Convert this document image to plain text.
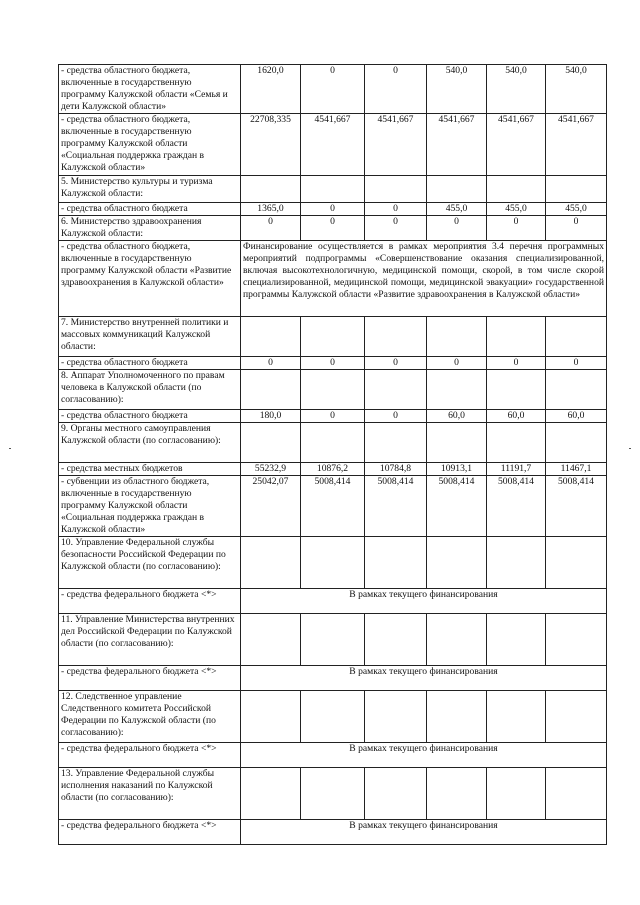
- средства областного бюджета, включенные в государственную программу Калужской области «Семья и дети Калужской области»	1620,0	0	0	540,0	540,0	540,0
- средства областного бюджета, включенные в государственную программу Калужской области «Социальная поддержка граждан в Калужской области»	22708,335	4541,667	4541,667	4541,667	4541,667	4541,667
5. Министерство культуры и туризма Калужской области:						
- средства областного бюджета	1365,0	0	0	455,0	455,0	455,0
6. Министерство здравоохранения Калужской области:	0	0	0	0	0	0
- средства областного бюджета, включенные в государственную программу Калужской области «Развитие здравоохранения в Калужской области»	Финансирование осуществляется в рамках мероприятия 3.4 перечня программных мероприятий подпрограммы «Совершенствование оказания специализированной, включая высокотехнологичную, медицинской помощи, скорой, в том числе скорой специализированной, медицинской помощи, медицинской эвакуации» государственной программы Калужской области «Развитие здравоохранения в Калужской области»					
7. Министерство внутренней политики и массовых коммуникаций Калужской области:						
- средства областного бюджета	0	0	0	0	0	0
8. Аппарат Уполномоченного по правам человека в Калужской области (по согласованию):						
- средства областного бюджета	180,0	0	0	60,0	60,0	60,0
9. Органы местного самоуправления Калужской области (по согласованию):						
- средства местных бюджетов	55232,9	10876,2	10784,8	10913,1	11191,7	11467,1
- субвенции из областного бюджета, включенные в государственную программу Калужской области «Социальная поддержка граждан в Калужской области»	25042,07	5008,414	5008,414	5008,414	5008,414	5008,414
10. Управление Федеральной службы безопасности Российской Федерации по Калужской области (по согласованию):						
- средства федерального бюджета <*>	В рамках текущего финансирования					
11. Управление Министерства внутренних дел Российской Федерации по Калужской области (по согласованию):						
- средства федерального бюджета <*>	В рамках текущего финансирования					
12. Следственное управление Следственного комитета Российской Федерации по Калужской области (по согласованию):						
- средства федерального бюджета <*>	В рамках текущего финансирования					
13. Управление Федеральной службы исполнения наказаний по Калужской области (по согласованию):						
- средства федерального бюджета <*>	В рамках текущего финансирования					
